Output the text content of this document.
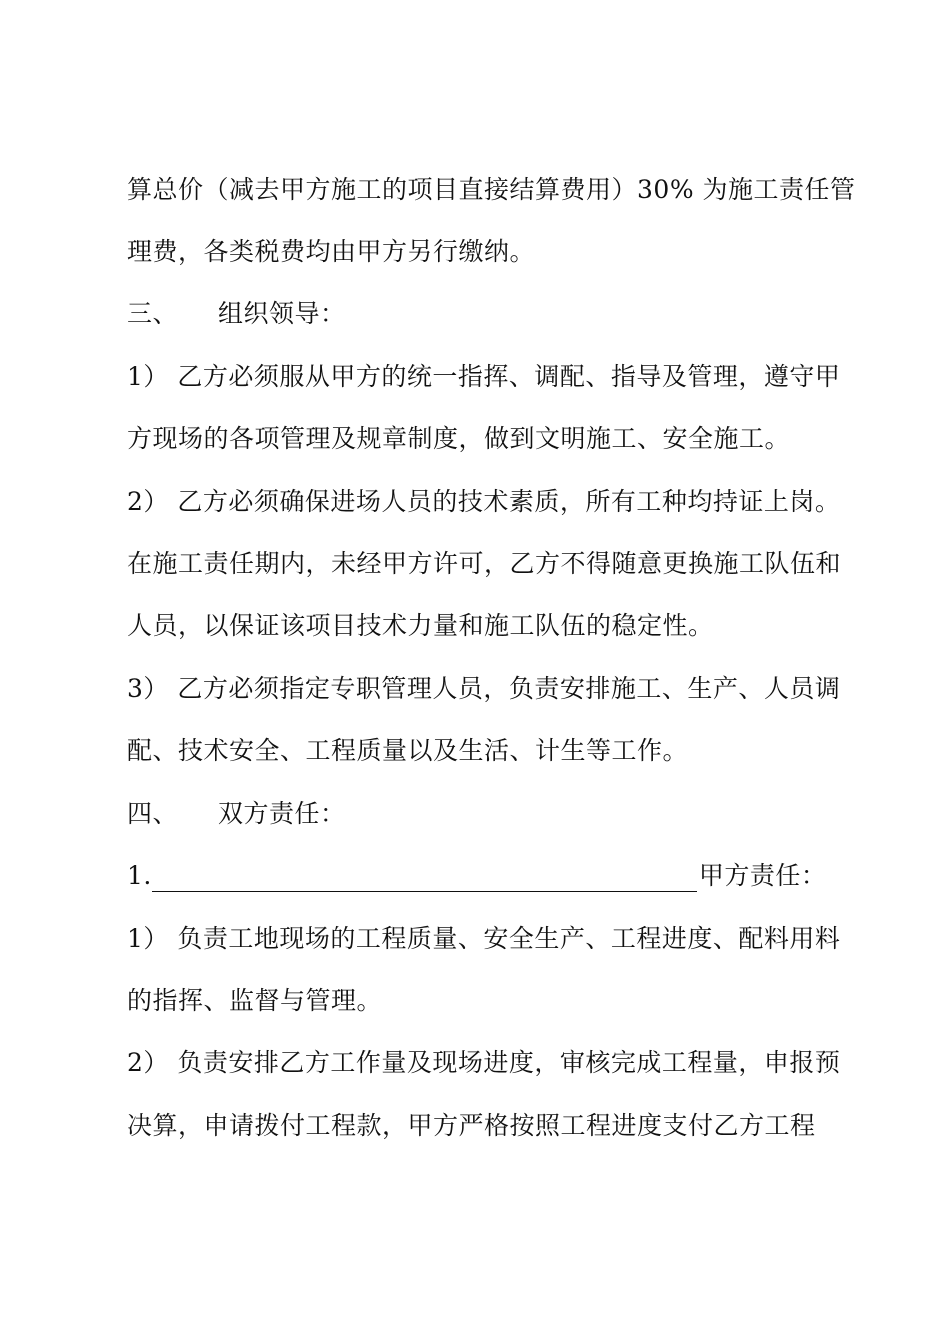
算总价（减去甲方施工的项目直接结算费用）30% 为施工责任管
理费，各类税费均由甲方另行缴纳。
三、 组织领导：
1） 乙方必须服从甲方的统一指挥、调配、指导及管理，遵守甲
方现场的各项管理及规章制度，做到文明施工、安全施工。
2） 乙方必须确保进场人员的技术素质，所有工种均持证上岗。
在施工责任期内，未经甲方许可，乙方不得随意更换施工队伍和
人员，以保证该项目技术力量和施工队伍的稳定性。
3） 乙方必须指定专职管理人员，负责安排施工、生产、人员调
配、技术安全、工程质量以及生活、计生等工作。
四、 双方责任：
1.	甲方责任：
1） 负责工地现场的工程质量、安全生产、工程进度、配料用料
的指挥、监督与管理。
2） 负责安排乙方工作量及现场进度，审核完成工程量，申报预
决算，申请拨付工程款，甲方严格按照工程进度支付乙方工程
